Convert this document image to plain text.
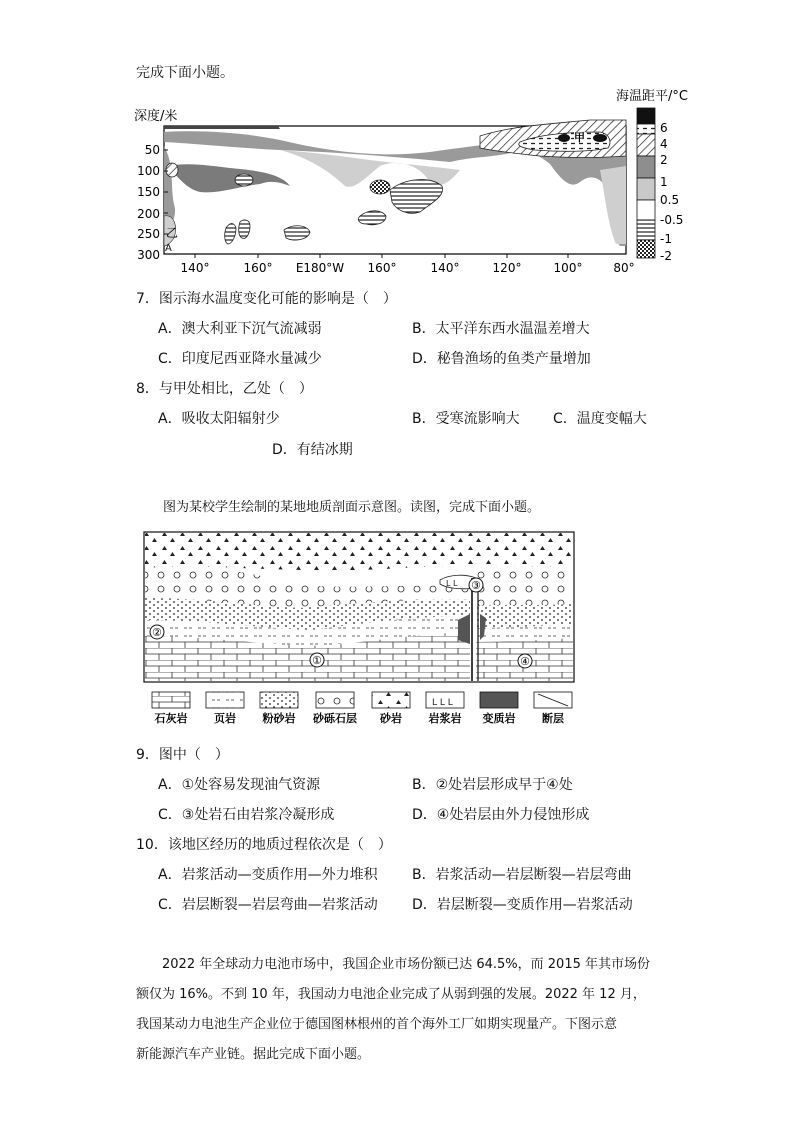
完成下面小题。
深度/米
海温距平/°C
甲
乙
A
50
100
150
200
250
300
140°	160° E180°W 160°	140°	120°	100°	80°
6
4
2
1
0.5
-0.5
-1
-2
7．图示海水温度变化可能的影响是（　）
A．澳大利亚下沉气流减弱	B．太平洋东西水温温差增大
C．印度尼西亚降水量减少	D．秘鲁渔场的鱼类产量增加
8．与甲处相比，乙处（　）
A．吸收太阳辐射少	B．受寒流影响大 C．温度变幅大
D．有结冰期
图为某校学生绘制的某地地质剖面示意图。读图，完成下面小题。
L L
①
②
③
④
L L L
石灰岩 页岩 粉砂岩 砂砾石层 砂岩 岩浆岩 变质岩 断层
9．图中（　）
A．①处容易发现油气资源	B．②处岩层形成早于④处
C．③处岩石由岩浆冷凝形成	D．④处岩层由外力侵蚀形成
10．该地区经历的地质过程依次是（　）
A．岩浆活动—变质作用—外力堆积 B．岩浆活动—岩层断裂—岩层弯曲
C．岩层断裂—岩层弯曲—岩浆活动 D．岩层断裂—变质作用—岩浆活动
2022 年全球动力电池市场中，我国企业市场份额已达 64.5%，而 2015 年其市场份
额仅为 16%。不到 10 年，我国动力电池企业完成了从弱到强的发展。2022 年 12 月，
我国某动力电池生产企业位于德国图林根州的首个海外工厂如期实现量产。下图示意
新能源汽车产业链。据此完成下面小题。
